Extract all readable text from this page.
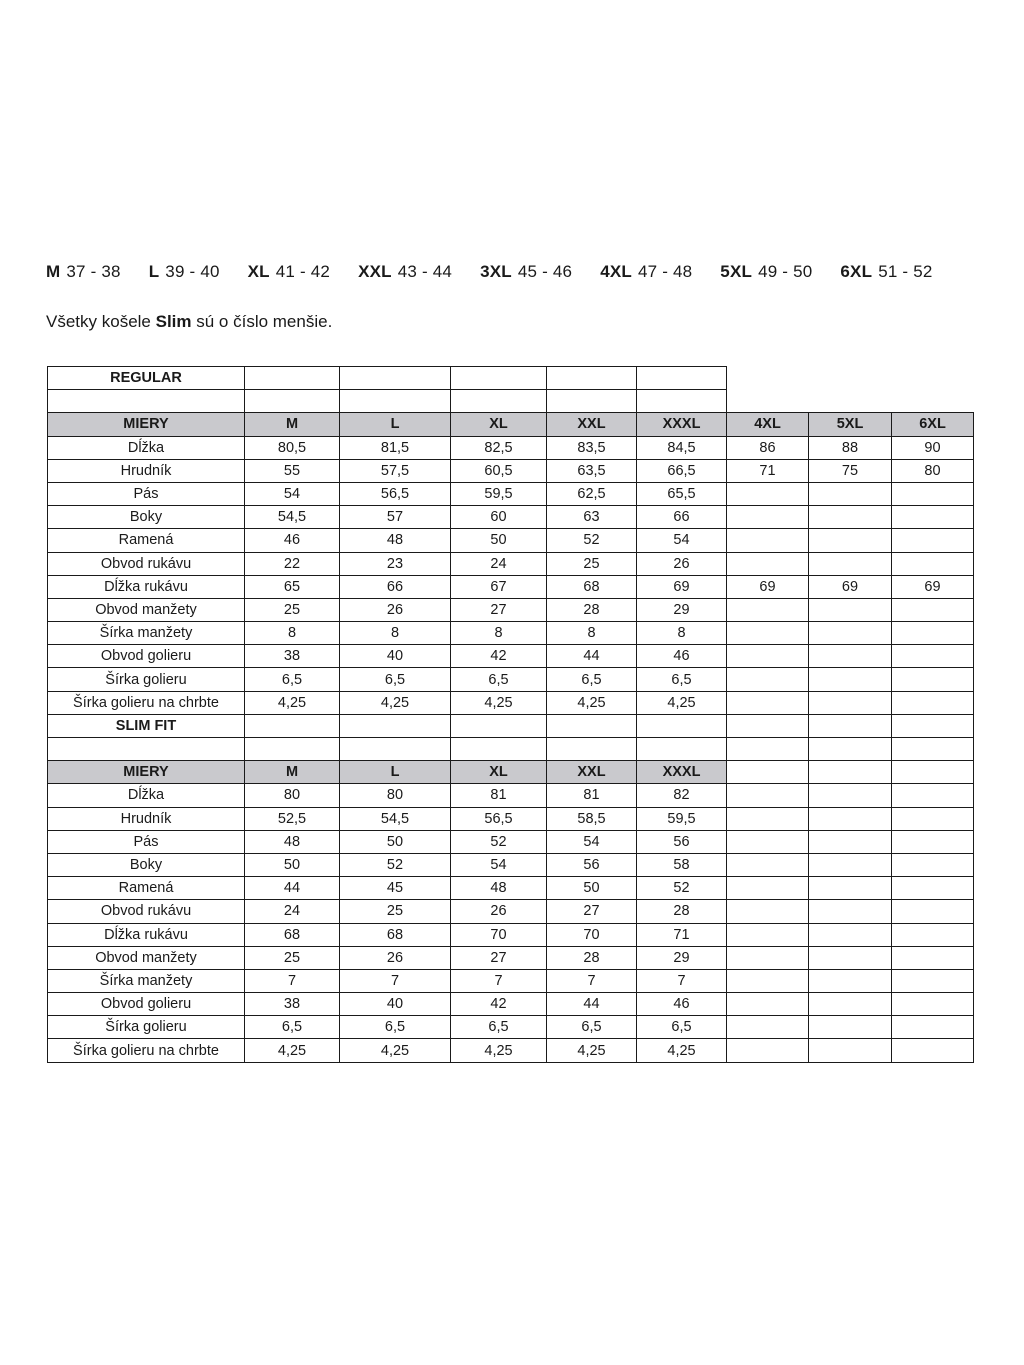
M 37 - 38 L 39 - 40 XL 41 - 42 XXL 43 - 44 3XL 45 - 46 4XL 47 - 48 5XL 49 - 50 6XL 51 - 52
Všetky košele Slim sú o číslo menšie.
REGULAR								

MIERY	M	L	XL	XXL	XXXL	4XL	5XL	6XL
Dĺžka	80,5	81,5	82,5	83,5	84,5	86	88	90
Hrudník	55	57,5	60,5	63,5	66,5	71	75	80
Pás	54	56,5	59,5	62,5	65,5			
Boky	54,5	57	60	63	66			
Ramená	46	48	50	52	54			
Obvod rukávu	22	23	24	25	26			
Dĺžka rukávu	65	66	67	68	69	69	69	69
Obvod manžety	25	26	27	28	29			
Šírka manžety	8	8	8	8	8			
Obvod golieru	38	40	42	44	46			
Šírka golieru	6,5	6,5	6,5	6,5	6,5			
Šírka golieru na chrbte	4,25	4,25	4,25	4,25	4,25			
SLIM FIT								

MIERY	M	L	XL	XXL	XXXL			
Dĺžka	80	80	81	81	82			
Hrudník	52,5	54,5	56,5	58,5	59,5			
Pás	48	50	52	54	56			
Boky	50	52	54	56	58			
Ramená	44	45	48	50	52			
Obvod rukávu	24	25	26	27	28			
Dĺžka rukávu	68	68	70	70	71			
Obvod manžety	25	26	27	28	29			
Šírka manžety	7	7	7	7	7			
Obvod golieru	38	40	42	44	46			
Šírka golieru	6,5	6,5	6,5	6,5	6,5			
Šírka golieru na chrbte	4,25	4,25	4,25	4,25	4,25			
